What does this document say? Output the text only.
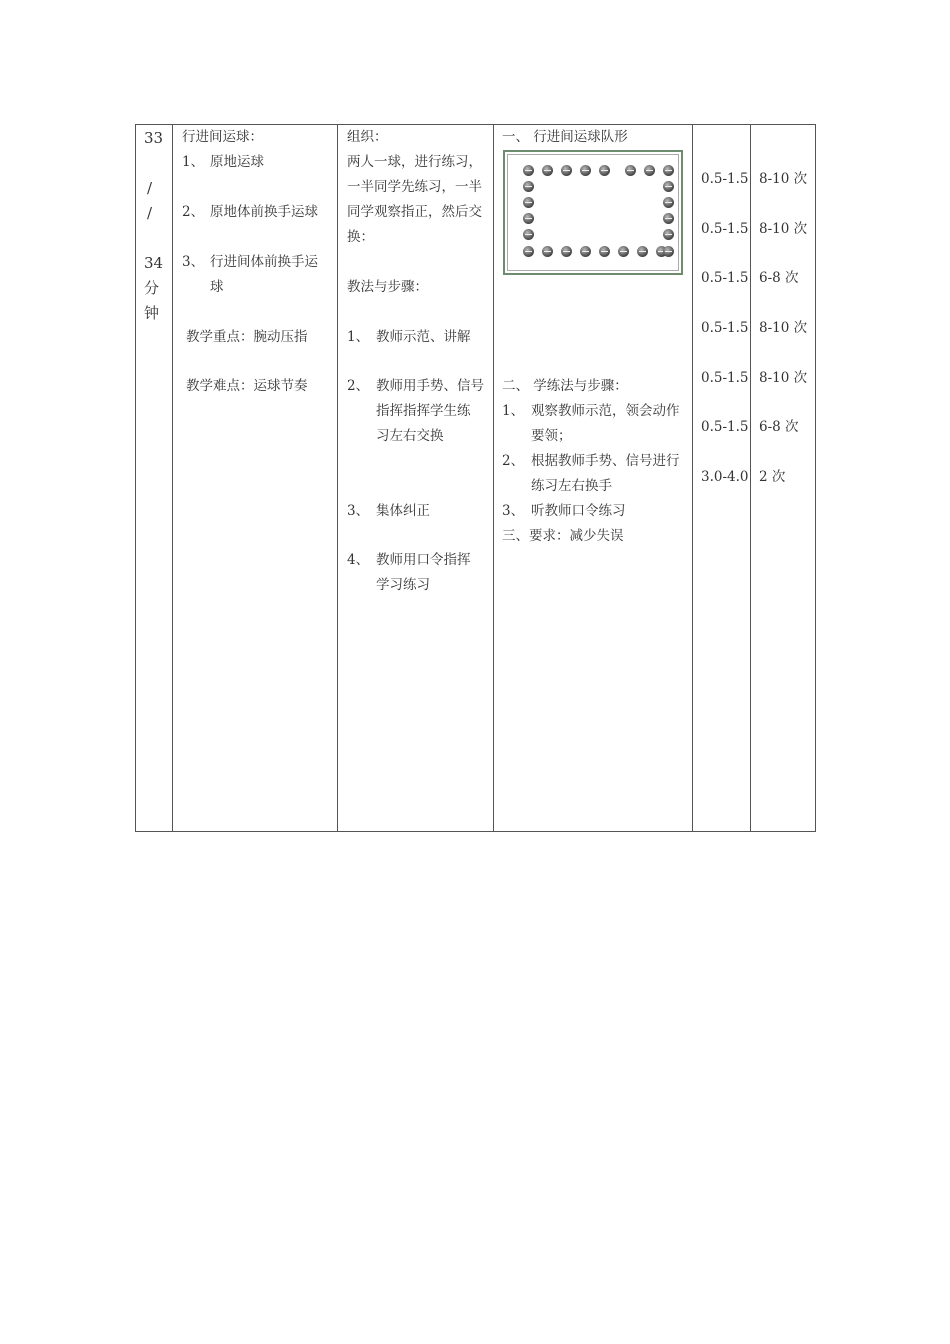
33
/
/
34
分
钟
行进间运球：
1、 原地运球
2、 原地体前换手运球
3、 行进间体前换手运
球
教学重点：腕动压指
教学难点：运球节奏
组织：
两人一球，进行练习，
一半同学先练习，一半
同学观察指正，然后交
换：
教法与步骤：
1、 教师示范、讲解
2、 教师用手势、信号
指挥指挥学生练
习左右交换
3、 集体纠正
4、 教师用口令指挥
学习练习
一、 行进间运球队形
二、 学练法与步骤：
1、 观察教师示范，领会动作
要领；
2、 根据教师手势、信号进行
练习左右换手
3、 听教师口令练习
三、要求：减少失误
0.5-1.5
0.5-1.5
0.5-1.5
0.5-1.5
0.5-1.5
0.5-1.5
3.0-4.0
8-10 次
8-10 次
6-8 次
8-10 次
8-10 次
6-8 次
2 次
